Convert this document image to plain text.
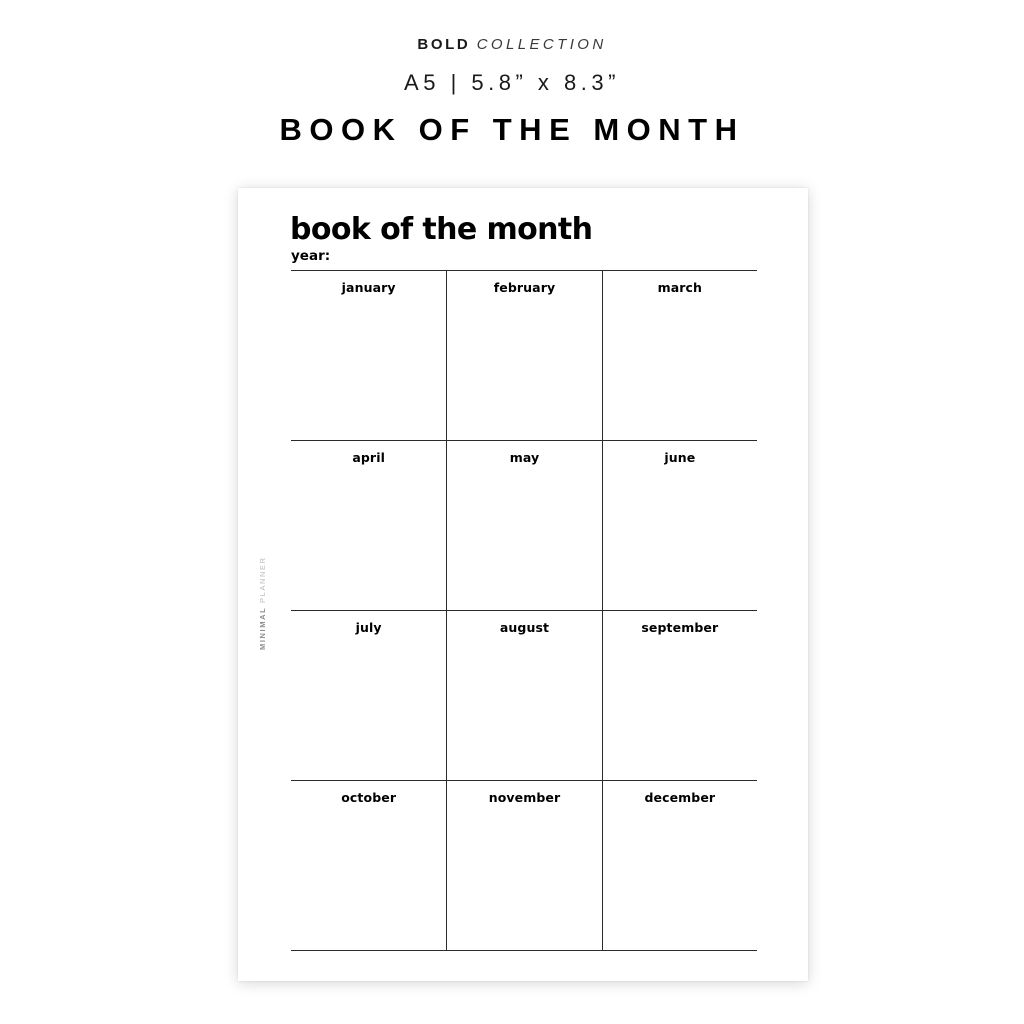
BOLD COLLECTION
A5 | 5.8” x 8.3”
BOOK OF THE MONTH
book of the month
year:
january	february	march
april	may	june
july	august	september
october	november	december
MINIMAL PLANNER
